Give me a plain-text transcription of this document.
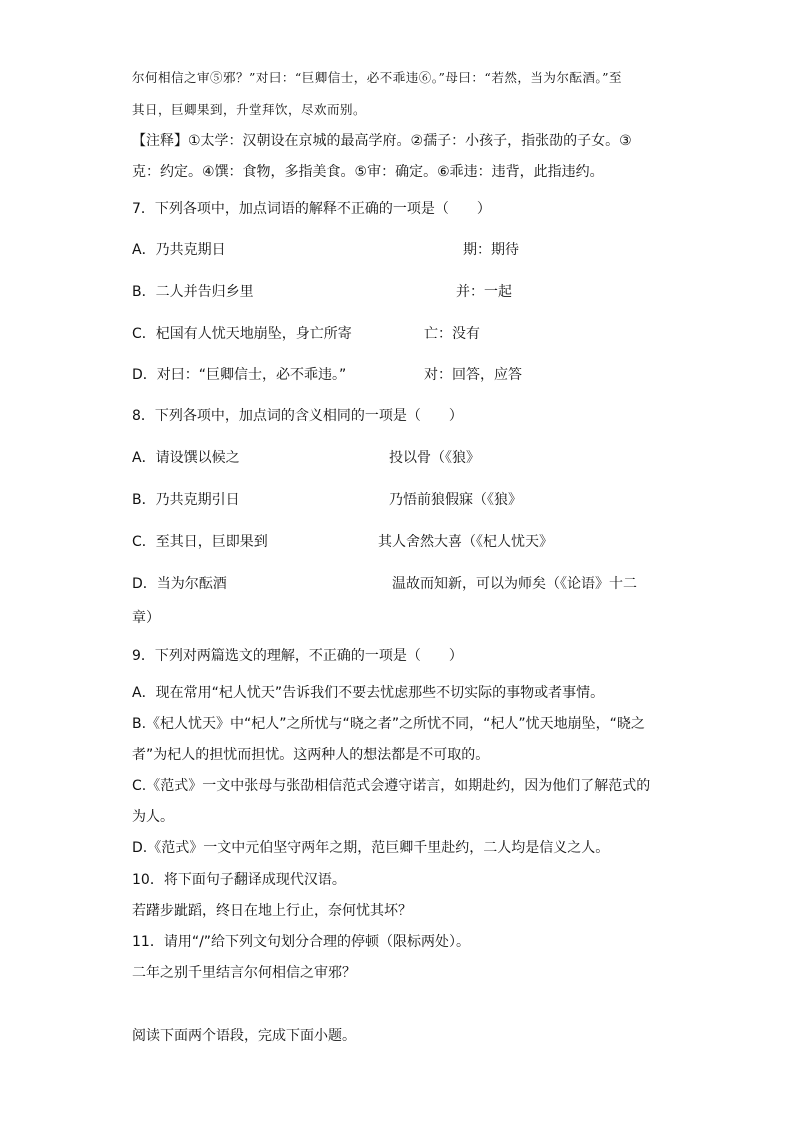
尔何相信之审⑤邪？”对曰：“巨卿信士，必不乖违⑥。”母曰：“若然，当为尔酝酒。”至
其日，巨卿果到，升堂拜饮，尽欢而别。
【注释】①太学：汉朝设在京城的最高学府。②孺子：小孩子，指张劭的子女。③
克：约定。④馔：食物，多指美食。⑤审：确定。⑥乖违：违背，此指违约。
7．下列各项中，加点词语的解释不正确的一项是（　　）
A．乃共克期日	期：期待
B．二人并告归乡里	并：一起
C．杞国有人忧天地崩坠，身亡所寄	亡：没有
D．对曰：“巨卿信士，必不乖违。”	对：回答，应答
8．下列各项中，加点词的含义相同的一项是（　　）
A．请设馔以候之	投以骨（《狼》
B．乃共克期引日	乃悟前狼假寐（《狼》
C．至其日，巨即果到	其人舍然大喜（《杞人忧天》
D．当为尔酝酒	温故而知新，可以为师矣（《论语》十二
章）
9．下列对两篇选文的理解，不正确的一项是（　　）
A．现在常用“杞人忧天”告诉我们不要去忧虑那些不切实际的事物或者事情。
B.《杞人忧天》中“杞人”之所忧与“晓之者”之所忧不同，“杞人”忧天地崩坠，“晓之
者”为杞人的担忧而担忧。这两种人的想法都是不可取的。
C.《范式》一文中张母与张劭相信范式会遵守诺言，如期赴约，因为他们了解范式的
为人。
D.《范式》一文中元伯坚守两年之期，范巨卿千里赴约，二人均是信义之人。
10．将下面句子翻译成现代汉语。
若躇步跐蹈，终日在地上行止，奈何忧其坏？
11．请用“/”给下列文句划分合理的停顿（限标两处）。
二年之别千里结言尔何相信之审邪？
阅读下面两个语段，完成下面小题。
